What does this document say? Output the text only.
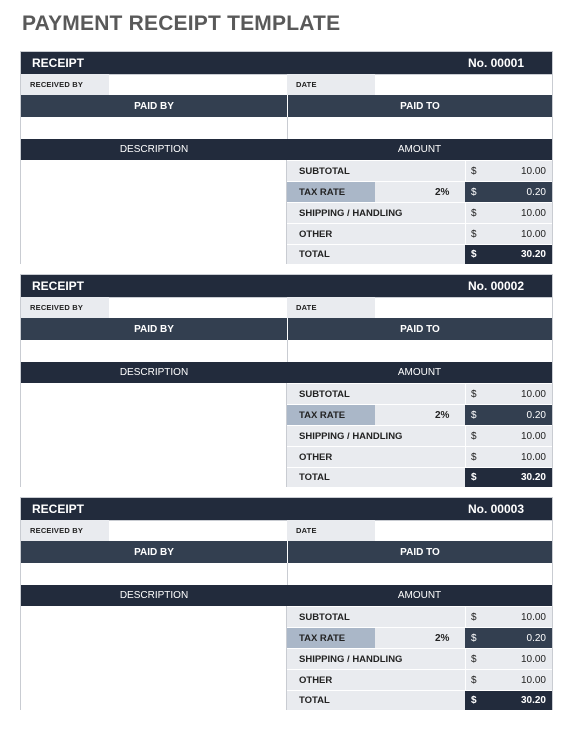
PAYMENT RECEIPT TEMPLATE
RECEIPT	No. 00001
RECEIVED BY	DATE
PAID BY	PAID TO
DESCRIPTION	AMOUNT
SUBTOTAL	$	10.00
TAX RATE	2% $	0.20
SHIPPING / HANDLING	$	10.00
OTHER	$	10.00
TOTAL	$	30.20
RECEIPT	No. 00002
RECEIVED BY	DATE
PAID BY	PAID TO
DESCRIPTION	AMOUNT
SUBTOTAL	$	10.00
TAX RATE	2% $	0.20
SHIPPING / HANDLING	$	10.00
OTHER	$	10.00
TOTAL	$	30.20
RECEIPT	No. 00003
RECEIVED BY	DATE
PAID BY	PAID TO
DESCRIPTION	AMOUNT
SUBTOTAL	$	10.00
TAX RATE	2% $	0.20
SHIPPING / HANDLING	$	10.00
OTHER	$	10.00
TOTAL	$	30.20
